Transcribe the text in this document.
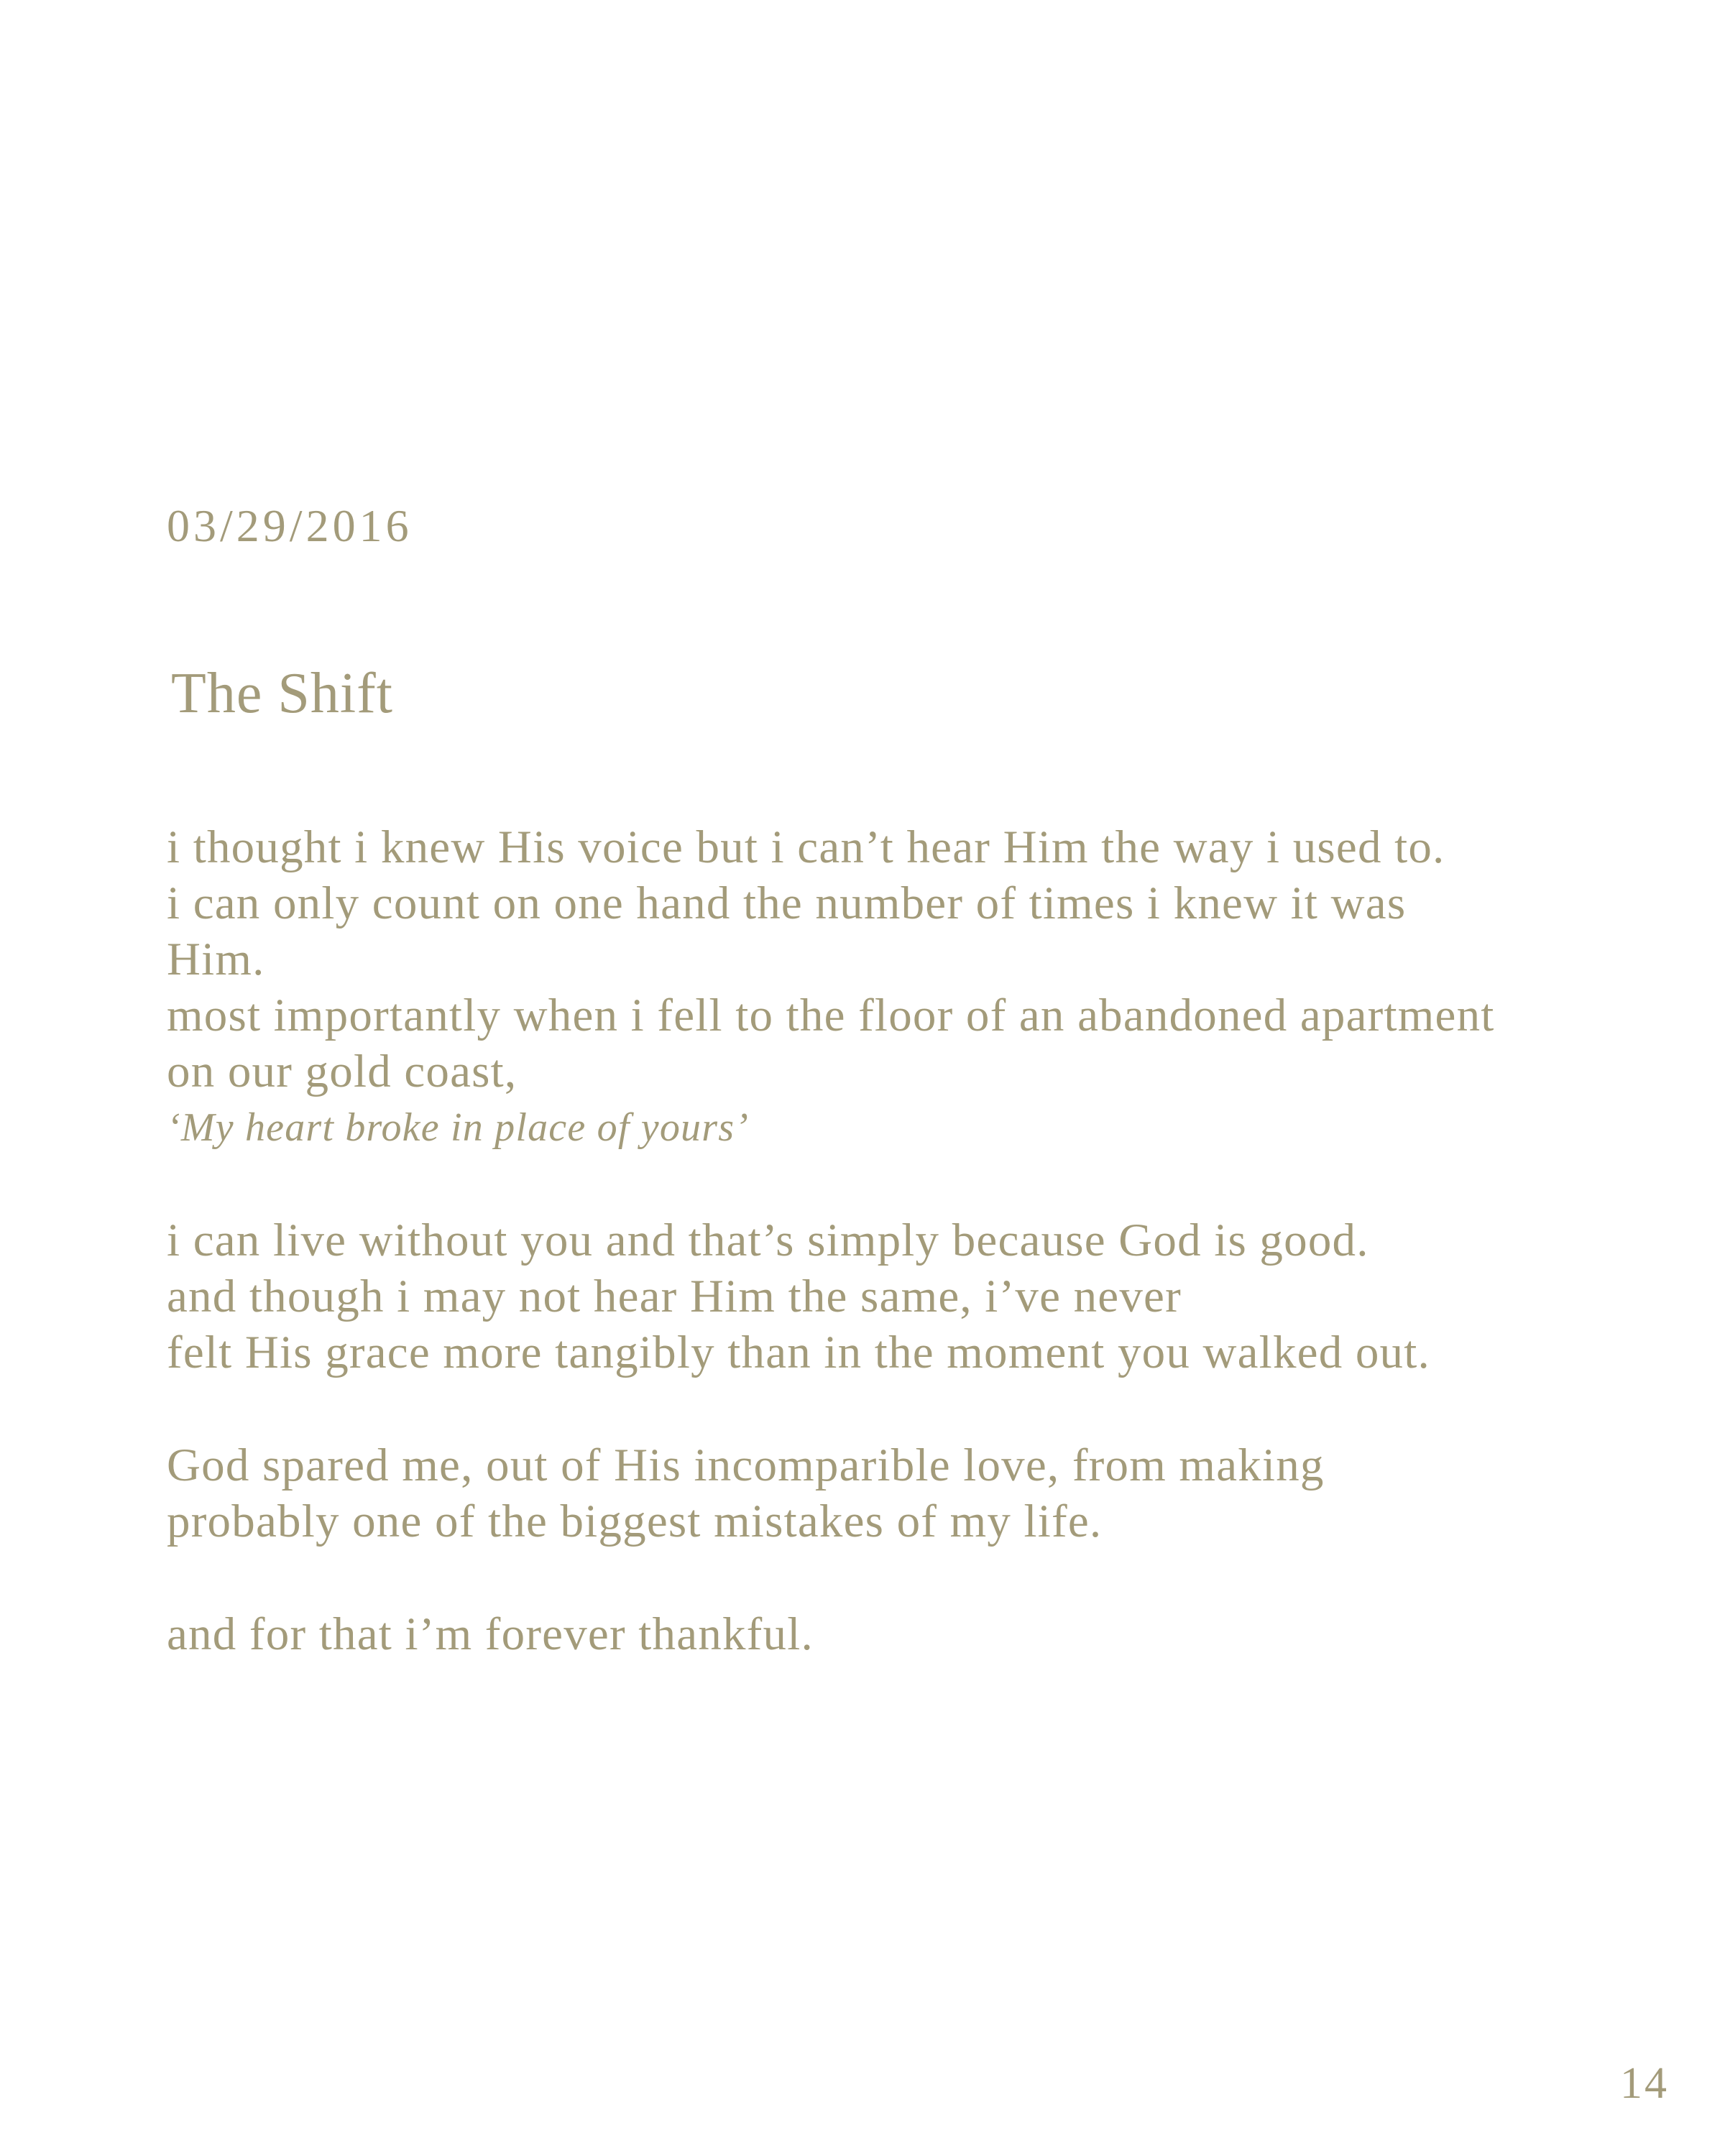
03/29/2016
The Shift
i thought i knew His voice but i can’t hear Him the way i used to.
i can only count on one hand the number of times i knew it was
Him.
most importantly when i fell to the floor of an abandoned apartment
on our gold coast,
‘My heart broke in place of yours’
i can live without you and that’s simply because God is good.
and though i may not hear Him the same, i’ve never
felt His grace more tangibly than in the moment you walked out.
God spared me, out of His incomparible love, from making
probably one of the biggest mistakes of my life.
and for that i’m forever thankful.
14
